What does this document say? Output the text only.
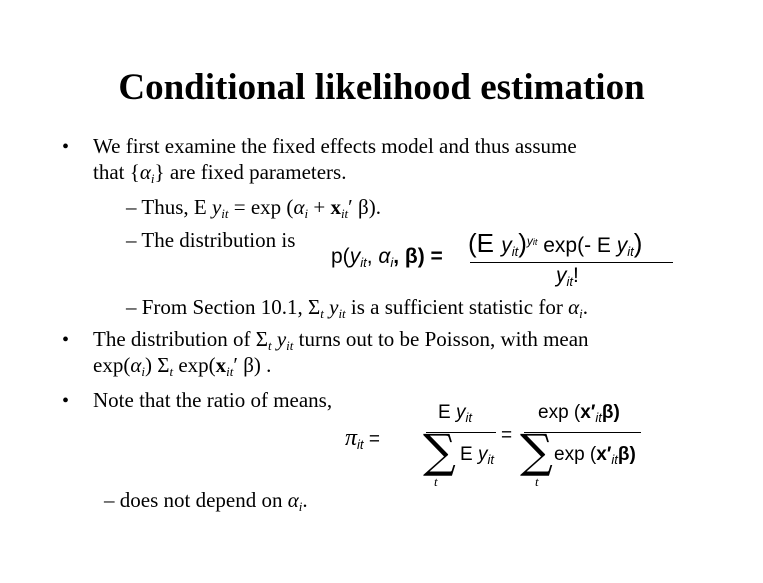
Conditional likelihood estimation
• We first examine the fixed effects model and thus assume
that $\{\alpha_i\}$ are fixed parameters.
– Thus, E $y_{it} = \exp (\alpha_i + x_{it}'$ β).
– The distribution is
$p(y_{it}$, $\alpha_i$, β) = (E $y_{it})^{yit}$ exp(- E $y_{it}$)
$y_{it}$!
– From Section 10.1, $\Sigma_t$ $y_{it}$ is a sufficient statistic for $\alpha_i$.
• The distribution of $\Sigma_t$ $y_{it}$ turns out to be Poisson, with mean
$\exp(\alpha_i)$ $\Sigma_t$ $\exp(x_{it}'$ β) .
• Note that the ratio of means,
$\pi_{it}$ =
E $y_{it}$
∑ E $y_{it}$
t
=
$\exp (x'_{it}\beta)$
∑ $\exp (x'_{it}\beta)$
t
– does not depend on $\alpha_i$.
